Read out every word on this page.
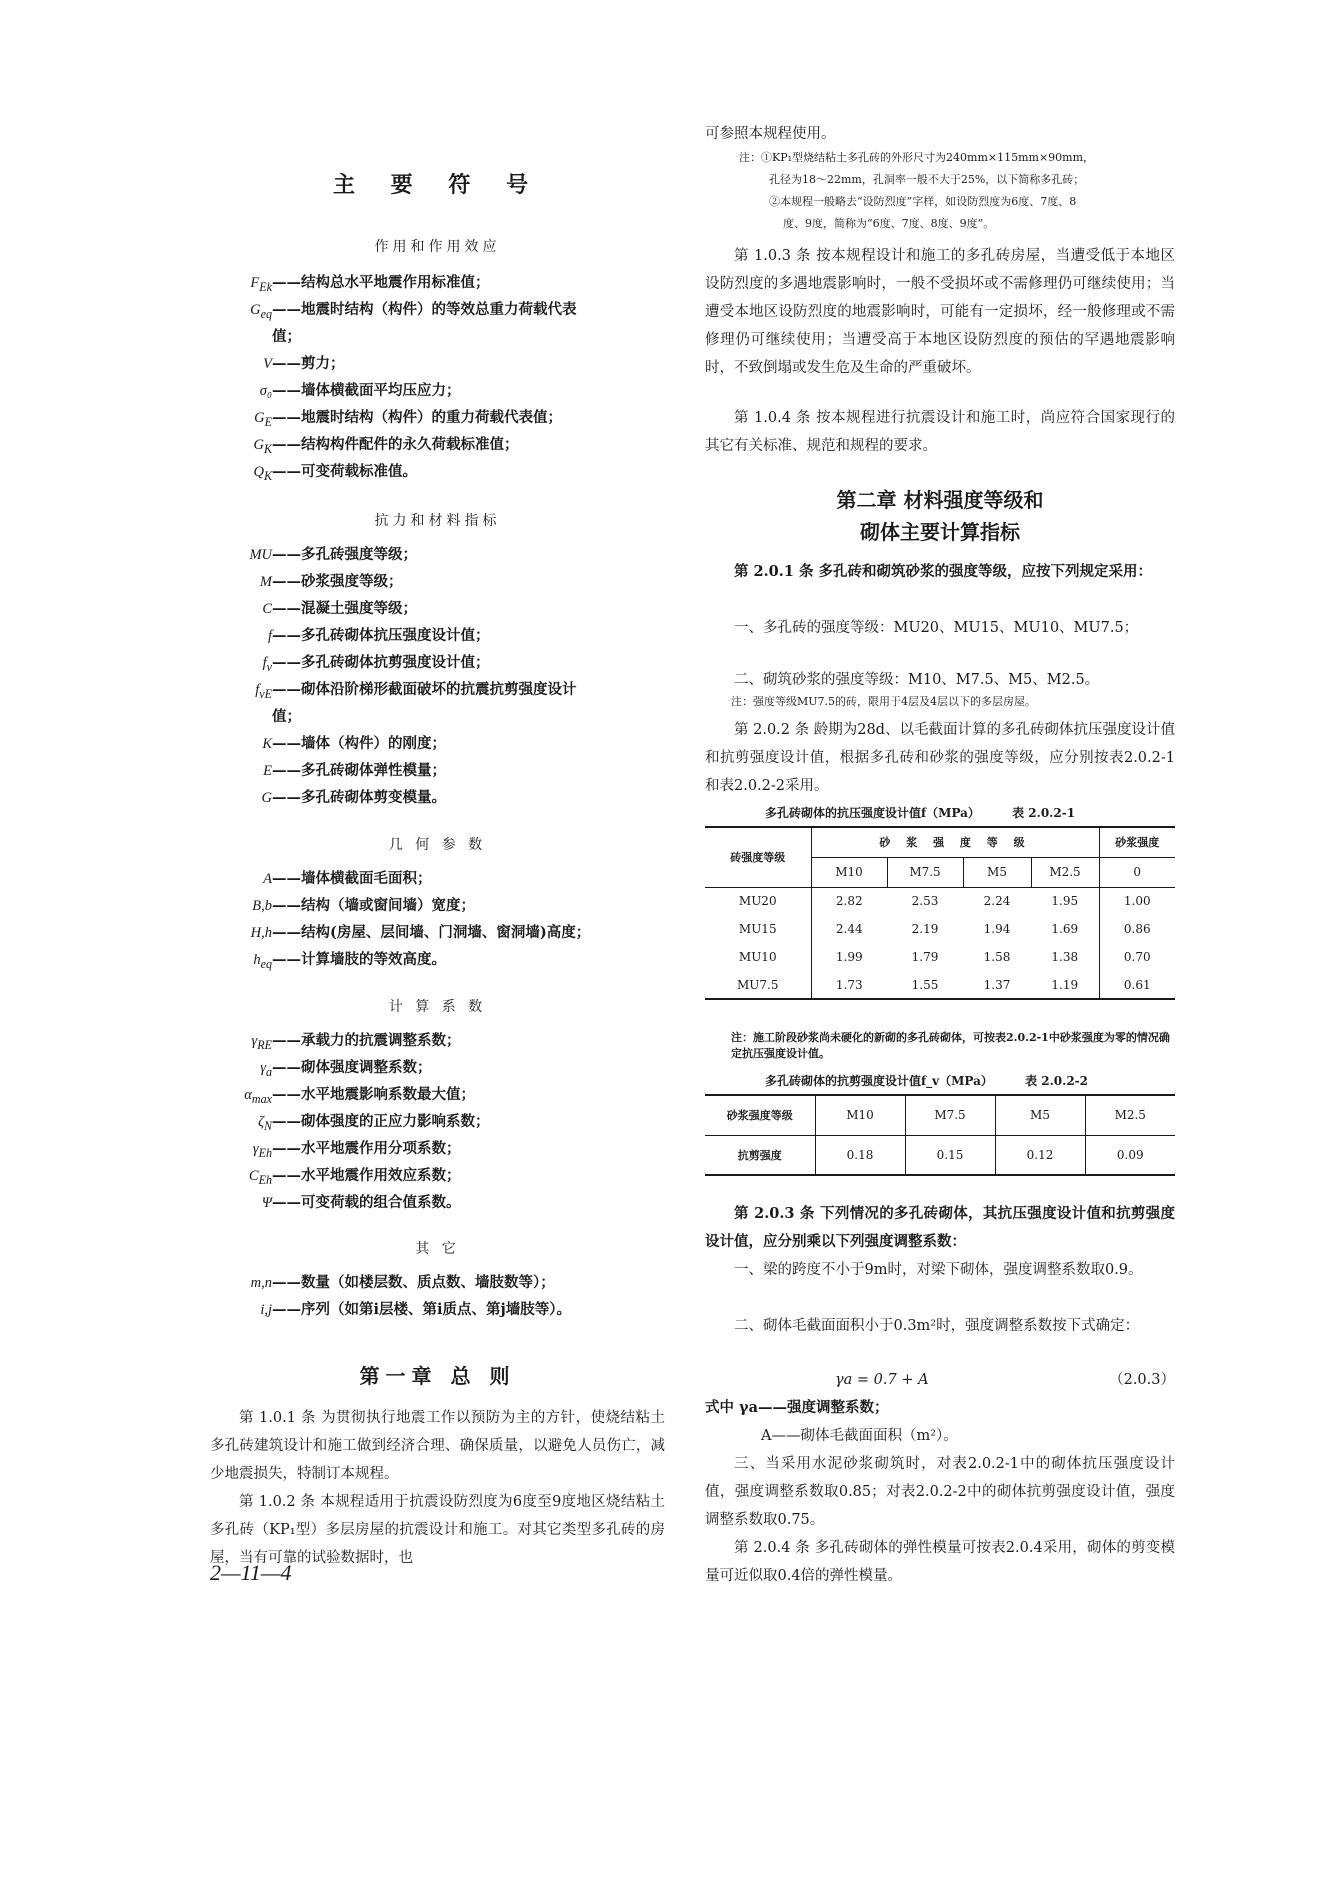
主 要 符 号
作用和作用效应
$F_{Ek}——$结构总水平地震作用标准值；
$G_{eq}——$地震时结构（构件）的等效总重力荷载代表
值；
V——剪力；
σ₀——墙体横截面平均压应力；
$G_E——$地震时结构（构件）的重力荷载代表值；
$G_K——$结构构件配件的永久荷载标准值；
$Q_K——$可变荷载标准值。
抗力和材料指标
MU——多孔砖强度等级；
M——砂浆强度等级；
C——混凝土强度等级；
f——多孔砖砌体抗压强度设计值；
$f_v——$多孔砖砌体抗剪强度设计值；
$f_{vE}——$砌体沿阶梯形截面破坏的抗震抗剪强度设计
值；
K——墙体（构件）的刚度；
E——多孔砖砌体弹性模量；
G——多孔砖砌体剪变模量。
几 何 参 数
A——墙体横截面毛面积；
B,b——结构（墙或窗间墙）宽度；
H,h——结构(房屋、层间墙、门洞墙、窗洞墙)高度；
$h_{eq}——$计算墙肢的等效高度。
计 算 系 数
$\gamma_{RE}——$承载力的抗震调整系数；
$\gamma_a——$砌体强度调整系数；
$\alpha_{max}——$水平地震影响系数最大值；
$\zeta_N——$砌体强度的正应力影响系数；
$\gamma_{Eh}——$水平地震作用分项系数；
$C_{Eh}——$水平地震作用效应系数；
Ψ——可变荷载的组合值系数。
其 它
m,n——数量（如楼层数、质点数、墙肢数等）；
i,j——序列（如第i层楼、第i质点、第j墙肢等）。
第一章 总 则
第 1.0.1 条 为贯彻执行地震工作以预防为主的方针，使烧结粘土多孔砖建筑设计和施工做到经济合理、确保质量，以避免人员伤亡，减少地震损失，特制订本规程。
第 1.0.2 条 本规程适用于抗震设防烈度为6度至9度地区烧结粘土多孔砖（KP₁型）多层房屋的抗震设计和施工。对其它类型多孔砖的房屋，当有可靠的试验数据时，也
可参照本规程使用。
注：①KP₁型烧结粘土多孔砖的外形尺寸为240mm×115mm×90mm，
孔径为18～22mm，孔洞率一般不大于25%，以下简称多孔砖；
②本规程一般略去“设防烈度”字样，如设防烈度为6度、7度、8
度、9度，简称为“6度、7度、8度、9度”。
第 1.0.3 条 按本规程设计和施工的多孔砖房屋，当遭受低于本地区设防烈度的多遇地震影响时，一般不受损坏或不需修理仍可继续使用；当遭受本地区设防烈度的地震影响时，可能有一定损坏，经一般修理或不需修理仍可继续使用；当遭受高于本地区设防烈度的预估的罕遇地震影响时，不致倒塌或发生危及生命的严重破坏。
第 1.0.4 条 按本规程进行抗震设计和施工时，尚应符合国家现行的其它有关标准、规范和规程的要求。
第二章 材料强度等级和
砌体主要计算指标
第 2.0.1 条 多孔砖和砌筑砂浆的强度等级，应按下列规定采用：
一、多孔砖的强度等级：MU20、MU15、MU10、MU7.5；
二、砌筑砂浆的强度等级：M10、M7.5、M5、M2.5。
注：强度等级MU7.5的砖，限用于4层及4层以下的多层房屋。
第 2.0.2 条 龄期为28d、以毛截面计算的多孔砖砌体抗压强度设计值和抗剪强度设计值，根据多孔砖和砂浆的强度等级，应分别按表2.0.2-1和表2.0.2-2采用。
多孔砖砌体的抗压强度设计值f（MPa）	表 2.0.2-1
砖强度等级	砂 浆 强 度 等 级				砂浆强度
	M10	M7.5	M5	M2.5	0
MU20	2.82	2.53	2.24	1.95	1.00
MU15	2.44	2.19	1.94	1.69	0.86
MU10	1.99	1.79	1.58	1.38	0.70
MU7.5	1.73	1.55	1.37	1.19	0.61
注：施工阶段砂浆尚未硬化的新砌的多孔砖砌体，可按表2.0.2-1中砂浆强度为零的情况确定抗压强度设计值。
多孔砖砌体的抗剪强度设计值f_v（MPa）	表 2.0.2-2
砂浆强度等级	M10	M7.5	M5	M2.5
抗剪强度	0.18	0.15	0.12	0.09
第 2.0.3 条 下列情况的多孔砖砌体，其抗压强度设计值和抗剪强度设计值，应分别乘以下列强度调整系数：
一、梁的跨度不小于9m时，对梁下砌体，强度调整系数取0.9。
二、砌体毛截面面积小于0.3m²时，强度调整系数按下式确定：
γa = 0.7 + A	（2.0.3）
式中 γa——强度调整系数；
A——砌体毛截面面积（m²）。
三、当采用水泥砂浆砌筑时，对表2.0.2-1中的砌体抗压强度设计值，强度调整系数取0.85；对表2.0.2-2中的砌体抗剪强度设计值，强度调整系数取0.75。
第 2.0.4 条 多孔砖砌体的弹性模量可按表2.0.4采用，砌体的剪变模量可近似取0.4倍的弹性模量。
2—11—4
